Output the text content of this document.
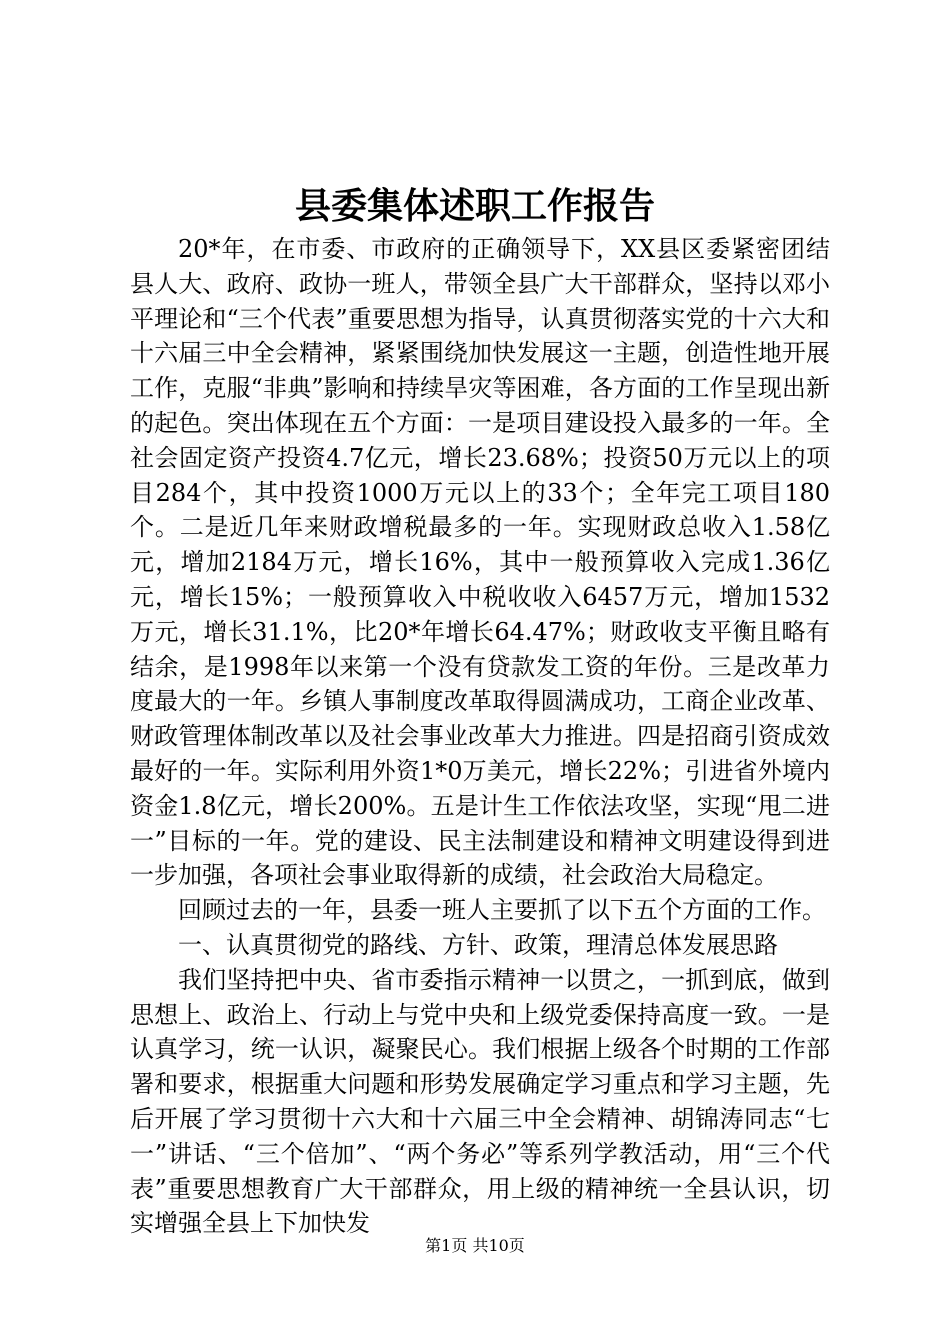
县委集体述职工作报告

20*年，在市委、市政府的正确领导下，XX县区委紧密团结县人大、政府、政协一班人，带领全县广大干部群众，坚持以邓小平理论和“三个代表”重要思想为指导，认真贯彻落实党的十六大和十六届三中全会精神，紧紧围绕加快发展这一主题，创造性地开展工作，克服“非典”影响和持续旱灾等困难，各方面的工作呈现出新的起色。突出体现在五个方面：一是项目建设投入最多的一年。全社会固定资产投资4.7亿元，增长23.68%；投资50万元以上的项目284个，其中投资1000万元以上的33个；全年完工项目180个。二是近几年来财政增税最多的一年。实现财政总收入1.58亿元，增加2184万元，增长16%，其中一般预算收入完成1.36亿元，增长15%；一般预算收入中税收收入6457万元，增加1532万元，增长31.1%，比20*年增长64.47%；财政收支平衡且略有结余，是1998年以来第一个没有贷款发工资的年份。三是改革力度最大的一年。乡镇人事制度改革取得圆满成功，工商企业改革、财政管理体制改革以及社会事业改革大力推进。四是招商引资成效最好的一年。实际利用外资1*0万美元，增长22%；引进省外境内资金1.8亿元，增长200%。五是计生工作依法攻坚，实现“甩二进一”目标的一年。党的建设、民主法制建设和精神文明建设得到进一步加强，各项社会事业取得新的成绩，社会政治大局稳定。

回顾过去的一年，县委一班人主要抓了以下五个方面的工作。

一、认真贯彻党的路线、方针、政策，理清总体发展思路

我们坚持把中央、省市委指示精神一以贯之，一抓到底，做到思想上、政治上、行动上与党中央和上级党委保持高度一致。一是认真学习，统一认识，凝聚民心。我们根据上级各个时期的工作部署和要求，根据重大问题和形势发展确定学习重点和学习主题，先后开展了学习贯彻十六大和十六届三中全会精神、胡锦涛同志“七一”讲话、“三个倍加”、“两个务必”等系列学教活动，用“三个代表”重要思想教育广大干部群众，用上级的精神统一全县认识，切实增强全县上下加快发

第1页 共10页
